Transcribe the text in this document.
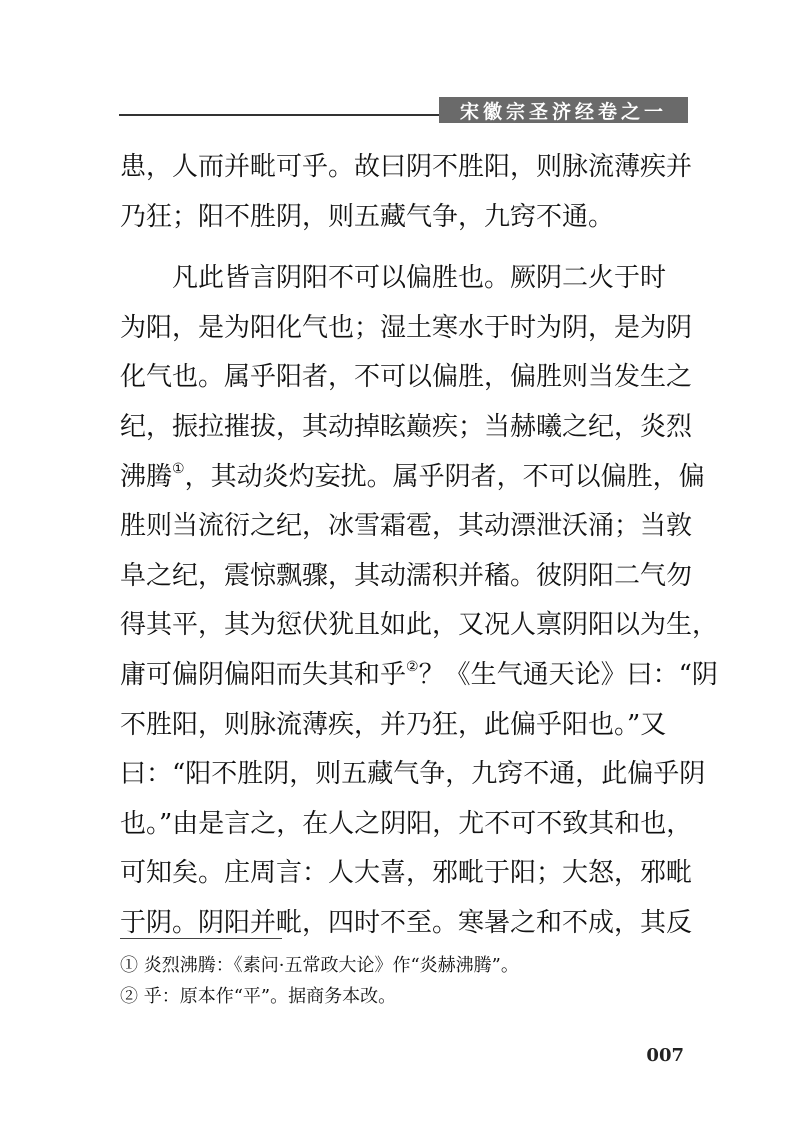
宋徽宗圣济经卷之一
患，人而并毗可乎。故曰阴不胜阳，则脉流薄疾并
乃狂；阳不胜阴，则五藏气争，九窍不通。
　　凡此皆言阴阳不可以偏胜也。厥阴二火于时
为阳，是为阳化气也；湿土寒水于时为阴，是为阴
化气也。属乎阳者，不可以偏胜，偏胜则当发生之
纪，振拉摧拔，其动掉眩巅疾；当赫曦之纪，炎烈
沸腾①，其动炎灼妄扰。属乎阴者，不可以偏胜，偏
胜则当流衍之纪，冰雪霜雹，其动漂泄沃涌；当敦
阜之纪，震惊飘骤，其动濡积并稸。彼阴阳二气勿
得其平，其为愆伏犹且如此，又况人禀阴阳以为生，
庸可偏阴偏阳而失其和乎②？《生气通天论》曰：“阴
不胜阳，则脉流薄疾，并乃狂，此偏乎阳也。”又
曰：“阳不胜阴，则五藏气争，九窍不通，此偏乎阴
也。”由是言之，在人之阴阳，尤不可不致其和也，
可知矣。庄周言：人大喜，邪毗于阳；大怒，邪毗
于阴。阴阳并毗，四时不至。寒暑之和不成，其反
① 炎烈沸腾：《素问·五常政大论》作“炎赫沸腾”。
② 乎：原本作“平”。据商务本改。
007
